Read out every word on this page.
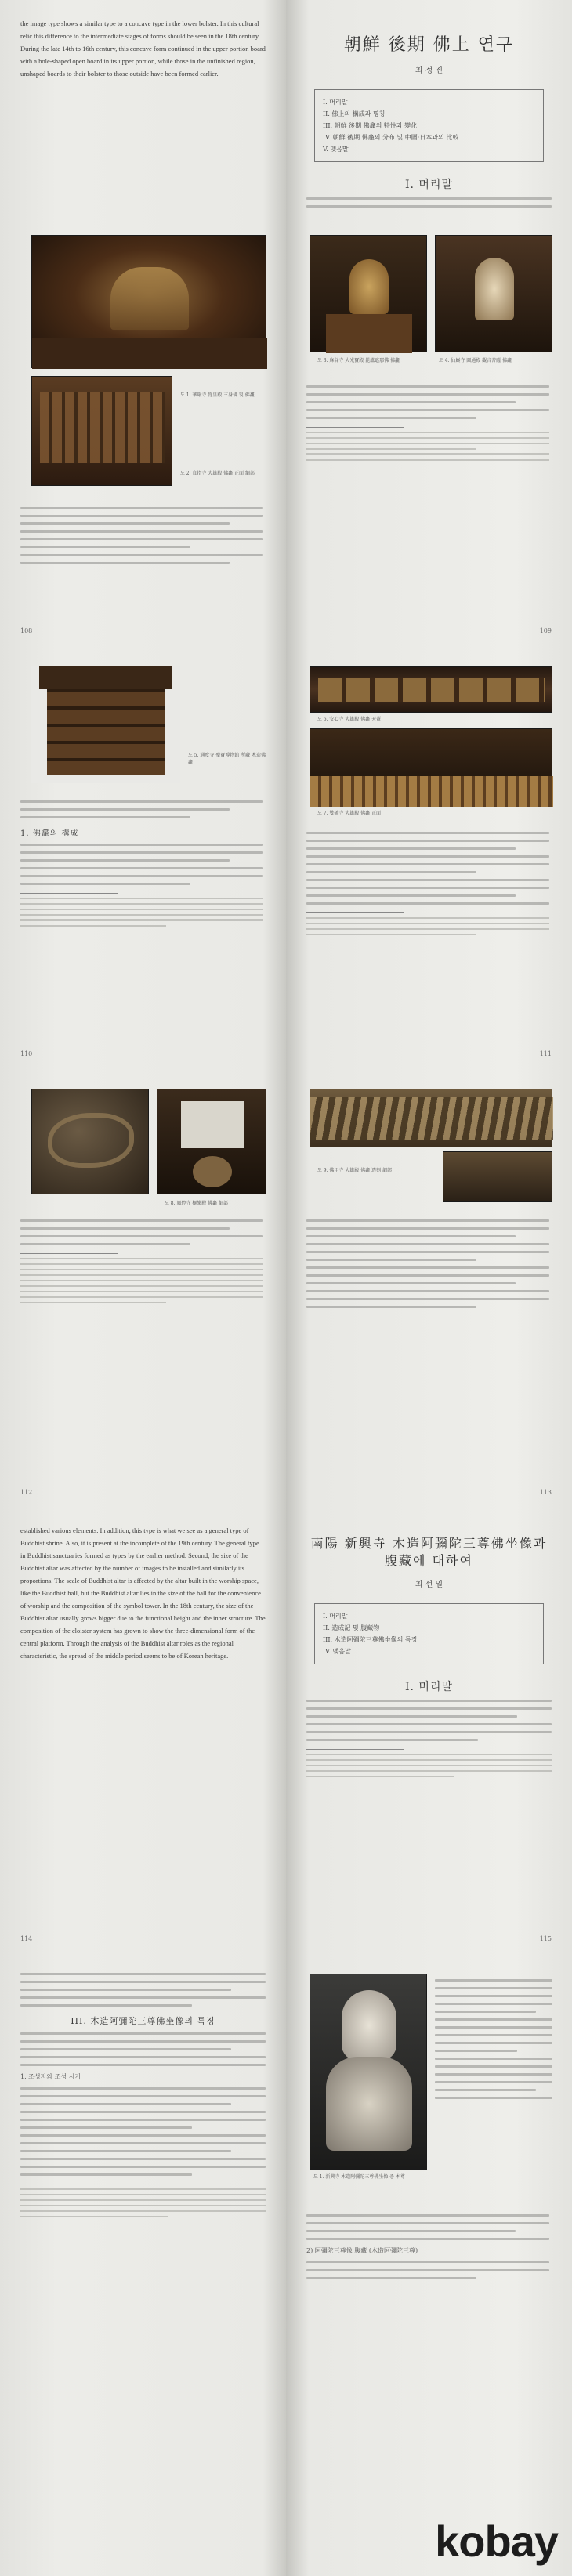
the image type shows a similar type to a concave type in the lower bolster. In this cultural relic this difference to the intermediate stages of forms should be seen in the 18th century. During the late 14th to 16th century, this concave form continued in the upper portion board with a hole-shaped open board in its upper portion, while those in the unfinished region, unshaped boards to their bolster to those outside have been formed earlier.
朝鮮 後期 佛上 연구
최 정 진
I. 머리말
II. 佛上의 構成과 명칭
III. 朝鮮 後期 佛龕의 特性과 變化
IV. 朝鮮 後期 佛龕의 分布 및 中國·日本과의 比較
V. 맺음말
I. 머리말
도 1. 華嚴寺 覺皇殿 三身佛 및 佛龕
도 2. 直指寺 大雄殿 佛龕 正面 細部
108
도 3. 麻谷寺 大光寶殿 毘盧遮那佛 佛龕	도 4. 仙巖寺 圓通殿 觀音菩薩 佛龕
109
도 5. 通度寺 聖寶博物館 所藏 木造佛龕
1. 佛龕의 構成
110
도 6. 安心寺 大雄殿 佛龕 天蓋
도 7. 雙磎寺 大雄殿 佛龕 正面
111
도 8. 鳳停寺 極樂殿 佛龕 細部
112
도 9. 佛甲寺 大雄殿 佛龕 透刻 細部
113
established various elements. In addition, this type is what we see as a general type of Buddhist shrine. Also, it is present at the incomplete of the 19th century. The general type in Buddhist sanctuaries formed as types by the earlier method. Second, the size of the Buddhist altar was affected by the number of images to be installed and similarly its proportions. The scale of Buddhist altar is affected by the altar built in the worship space, like the Buddhist hall, but the Buddhist altar lies in the size of the hall for the convenience of worship and the composition of the symbol tower. In the 18th century, the size of the Buddhist altar usually grows bigger due to the functional height and the inner structure. The composition of the cloister system has grown to show the three-dimensional form of the central platform. Through the analysis of the Buddhist altar roles as the regional characteristic, the spread of the middle period seems to be of Korean heritage.
114
南陽 新興寺 木造阿彌陀三尊佛坐像과 腹藏에 대하여
최 선 일
I. 머리말
II. 造成記 및 腹藏物
III. 木造阿彌陀三尊佛坐像의 특징
IV. 맺음말
I. 머리말
115
III. 木造阿彌陀三尊佛坐像의 특징
1. 조성자와 조성 시기
도 1. 新興寺 木造阿彌陀三尊佛坐像 중 本尊
2) 阿彌陀三尊像 腹藏 (木造阿彌陀三尊)
kobay
